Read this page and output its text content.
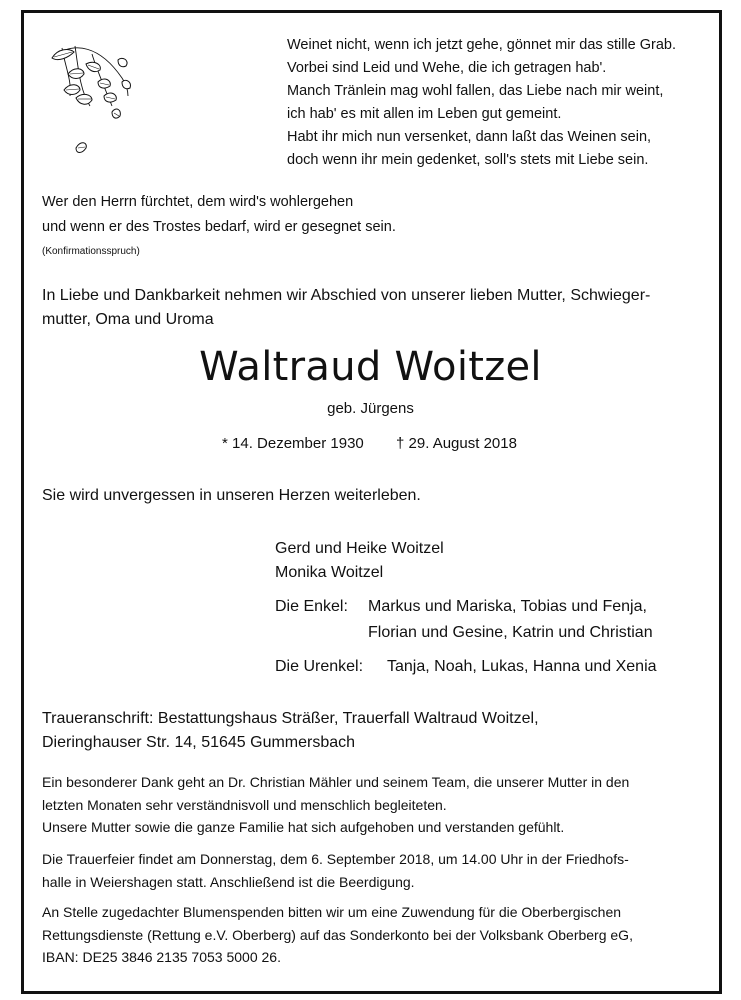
Weinet nicht, wenn ich jetzt gehe, gönnet mir das stille Grab.
Vorbei sind Leid und Wehe, die ich getragen hab'.
Manch Tränlein mag wohl fallen, das Liebe nach mir weint,
ich hab' es mit allen im Leben gut gemeint.
Habt ihr mich nun versenket, dann laßt das Weinen sein,
doch wenn ihr mein gedenket, soll's stets mit Liebe sein.
Wer den Herrn fürchtet, dem wird's wohlergehen
und wenn er des Trostes bedarf, wird er gesegnet sein.
(Konfirmationsspruch)
In Liebe und Dankbarkeit nehmen wir Abschied von unserer lieben Mutter, Schwieger-
mutter, Oma und Uroma
Waltraud Woitzel
geb. Jürgens
* 14. Dezember 1930 † 29. August 2018
Sie wird unvergessen in unseren Herzen weiterleben.
Gerd und Heike Woitzel
Monika Woitzel
Die Enkel: Markus und Mariska, Tobias und Fenja,
Florian und Gesine, Katrin und Christian
Die Urenkel: Tanja, Noah, Lukas, Hanna und Xenia
Traueranschrift: Bestattungshaus Sträßer, Trauerfall Waltraud Woitzel,
Dieringhauser Str. 14, 51645 Gummersbach
Ein besonderer Dank geht an Dr. Christian Mähler und seinem Team, die unserer Mutter in den
letzten Monaten sehr verständnisvoll und menschlich begleiteten.
Unsere Mutter sowie die ganze Familie hat sich aufgehoben und verstanden gefühlt.
Die Trauerfeier findet am Donnerstag, dem 6. September 2018, um 14.00 Uhr in der Friedhofs-
halle in Weiershagen statt. Anschließend ist die Beerdigung.
An Stelle zugedachter Blumenspenden bitten wir um eine Zuwendung für die Oberbergischen
Rettungsdienste (Rettung e.V. Oberberg) auf das Sonderkonto bei der Volksbank Oberberg eG,
IBAN: DE25 3846 2135 7053 5000 26.
